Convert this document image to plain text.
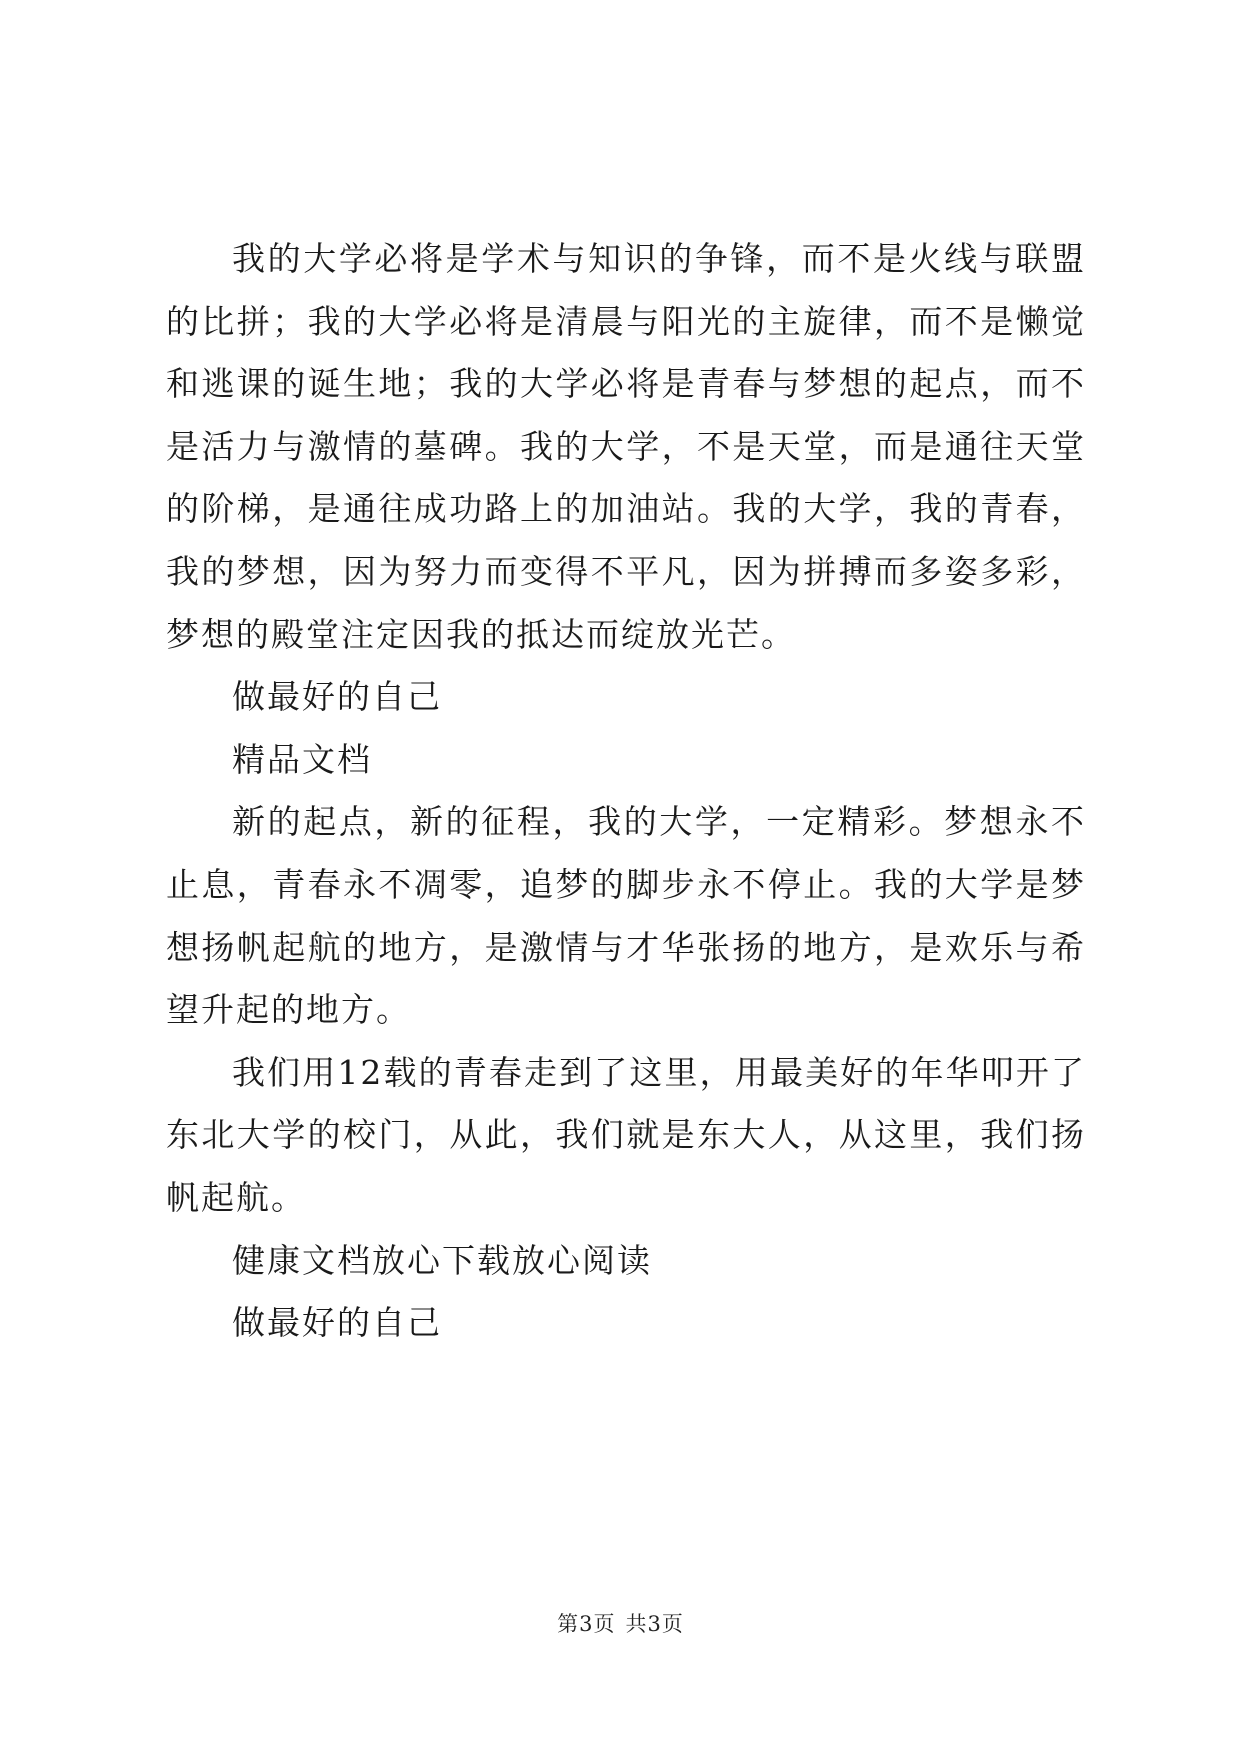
我的大学必将是学术与知识的争锋，而不是火线与联盟的比拼；我的大学必将是清晨与阳光的主旋律，而不是懒觉和逃课的诞生地；我的大学必将是青春与梦想的起点，而不是活力与激情的墓碑。我的大学，不是天堂，而是通往天堂的阶梯，是通往成功路上的加油站。我的大学，我的青春，我的梦想，因为努力而变得不平凡，因为拼搏而多姿多彩，梦想的殿堂注定因我的抵达而绽放光芒。

做最好的自己

精品文档

新的起点，新的征程，我的大学，一定精彩。梦想永不止息，青春永不凋零，追梦的脚步永不停止。我的大学是梦想扬帆起航的地方，是激情与才华张扬的地方，是欢乐与希望升起的地方。

我们用12载的青春走到了这里，用最美好的年华叩开了东北大学的校门，从此，我们就是东大人，从这里，我们扬帆起航。

健康文档放心下载放心阅读

做最好的自己

第3页 共3页
